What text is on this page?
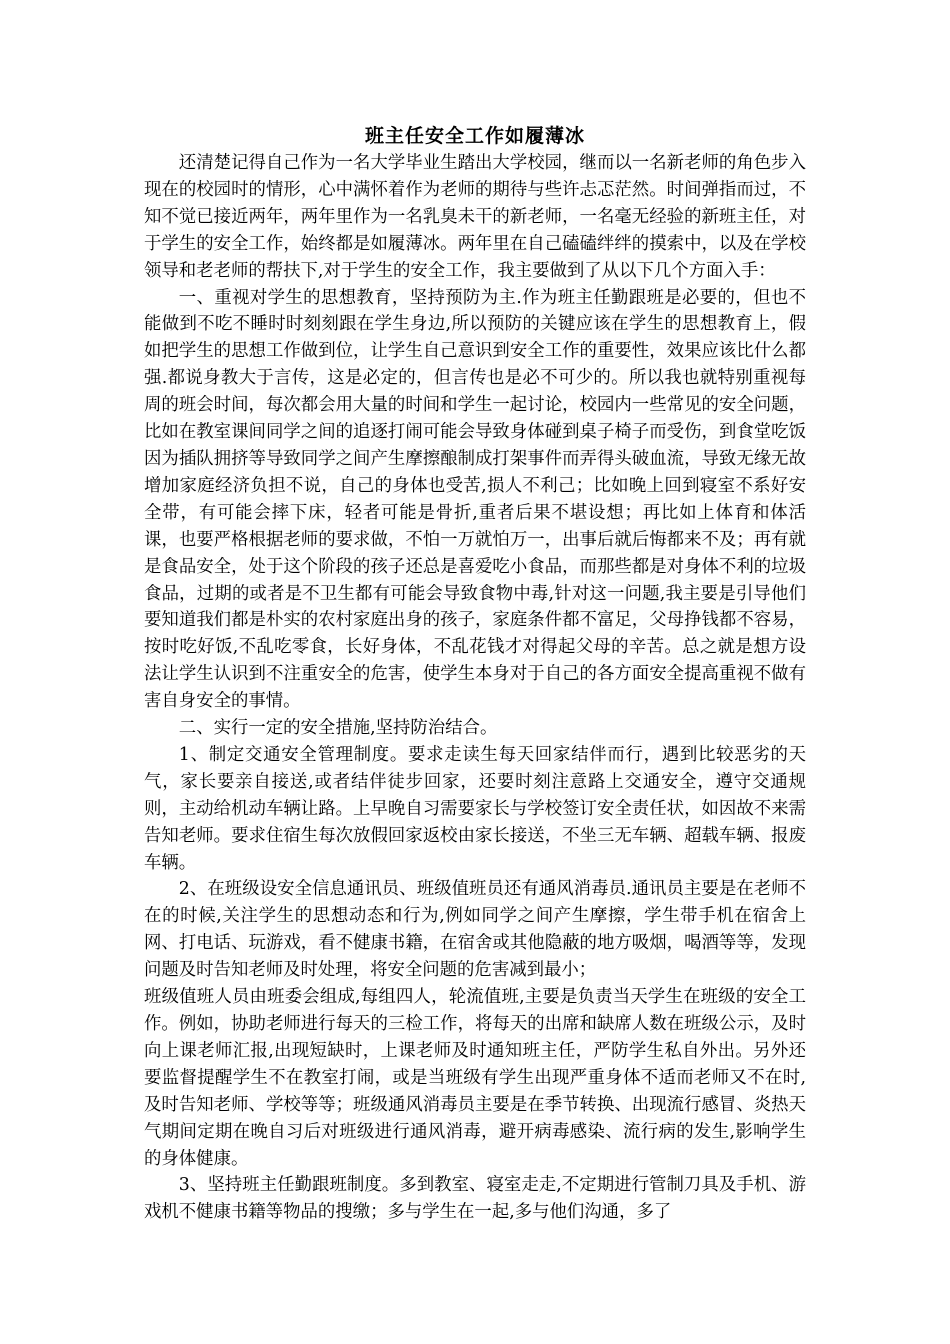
班主任安全工作如履薄冰

还清楚记得自己作为一名大学毕业生踏出大学校园，继而以一名新老师的角色步入现在的校园时的情形，心中满怀着作为老师的期待与些许忐忑茫然。时间弹指而过，不知不觉已接近两年，两年里作为一名乳臭未干的新老师，一名毫无经验的新班主任，对于学生的安全工作，始终都是如履薄冰。两年里在自己磕磕绊绊的摸索中，以及在学校领导和老老师的帮扶下,对于学生的安全工作，我主要做到了从以下几个方面入手：

一、重视对学生的思想教育，坚持预防为主.作为班主任勤跟班是必要的，但也不能做到不吃不睡时时刻刻跟在学生身边,所以预防的关键应该在学生的思想教育上，假如把学生的思想工作做到位，让学生自己意识到安全工作的重要性，效果应该比什么都强.都说身教大于言传，这是必定的，但言传也是必不可少的。所以我也就特别重视每周的班会时间，每次都会用大量的时间和学生一起讨论，校园内一些常见的安全问题，比如在教室课间同学之间的追逐打闹可能会导致身体碰到桌子椅子而受伤，到食堂吃饭因为插队拥挤等导致同学之间产生摩擦酿制成打架事件而弄得头破血流，导致无缘无故增加家庭经济负担不说，自己的身体也受苦,损人不利己；比如晚上回到寝室不系好安全带，有可能会摔下床，轻者可能是骨折,重者后果不堪设想；再比如上体育和体活课，也要严格根据老师的要求做，不怕一万就怕万一，出事后就后悔都来不及；再有就是食品安全，处于这个阶段的孩子还总是喜爱吃小食品，而那些都是对身体不利的垃圾食品，过期的或者是不卫生都有可能会导致食物中毒,针对这一问题,我主要是引导他们要知道我们都是朴实的农村家庭出身的孩子，家庭条件都不富足，父母挣钱都不容易，按时吃好饭,不乱吃零食，长好身体，不乱花钱才对得起父母的辛苦。总之就是想方设法让学生认识到不注重安全的危害，使学生本身对于自己的各方面安全提高重视不做有害自身安全的事情。

二、实行一定的安全措施,坚持防治结合。

1、制定交通安全管理制度。要求走读生每天回家结伴而行，遇到比较恶劣的天气，家长要亲自接送,或者结伴徒步回家，还要时刻注意路上交通安全，遵守交通规则，主动给机动车辆让路。上早晚自习需要家长与学校签订安全责任状，如因故不来需告知老师。要求住宿生每次放假回家返校由家长接送，不坐三无车辆、超载车辆、报废车辆。

2、在班级设安全信息通讯员、班级值班员还有通风消毒员.通讯员主要是在老师不在的时候,关注学生的思想动态和行为,例如同学之间产生摩擦，学生带手机在宿舍上网、打电话、玩游戏，看不健康书籍，在宿舍或其他隐蔽的地方吸烟，喝酒等等，发现问题及时告知老师及时处理，将安全问题的危害减到最小；

班级值班人员由班委会组成,每组四人，轮流值班,主要是负责当天学生在班级的安全工作。例如，协助老师进行每天的三检工作，将每天的出席和缺席人数在班级公示，及时向上课老师汇报,出现短缺时，上课老师及时通知班主任，严防学生私自外出。另外还要监督提醒学生不在教室打闹，或是当班级有学生出现严重身体不适而老师又不在时,及时告知老师、学校等等；班级通风消毒员主要是在季节转换、出现流行感冒、炎热天气期间定期在晚自习后对班级进行通风消毒，避开病毒感染、流行病的发生,影响学生的身体健康。

3、坚持班主任勤跟班制度。多到教室、寝室走走,不定期进行管制刀具及手机、游戏机不健康书籍等物品的搜缴；多与学生在一起,多与他们沟通，多了
